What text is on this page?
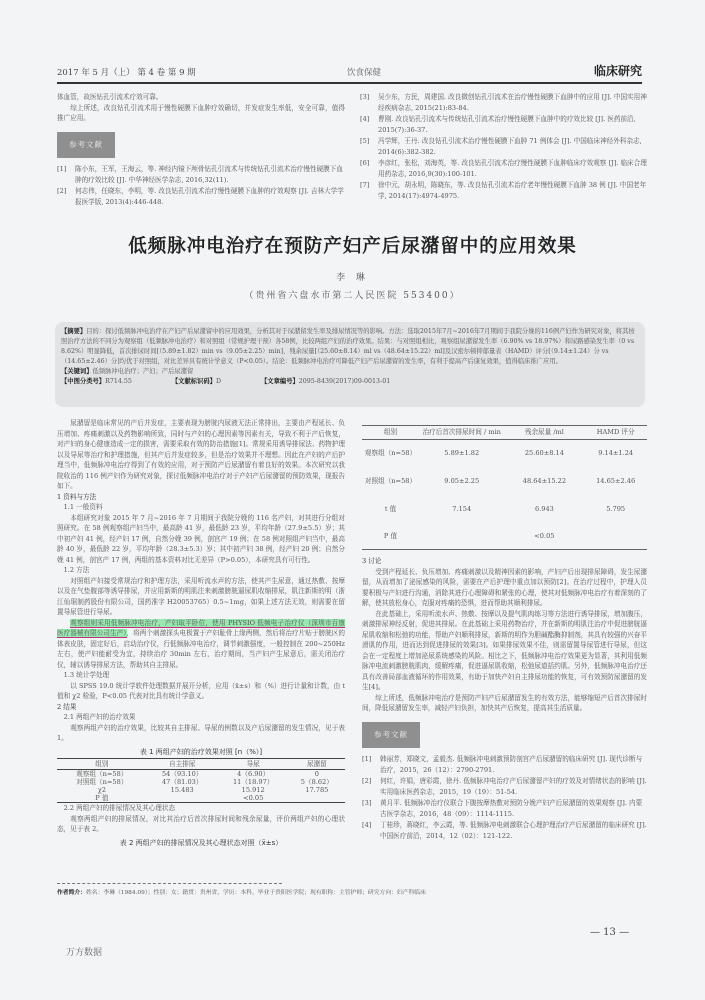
2017 年 5 月（上） 第 4 卷 第 9 期	饮食保健	临床研究

体血管，故医钻孔引流术疗效可靠。

综上所述，改良钻孔引流术用于慢性硬膜下血肿疗效确切，并发症发生率低，安全可靠，值得推广应用。

参考文献
[1]	陈小东，王军，王海云，等. 神经内镜下颅骨钻孔引流术与传统钻孔引流术治疗慢性硬膜下血肿的疗效比较 [J]. 中华神经医学杂志, 2016,32(11).
[2]	何志伟，任晓东，李明，等. 改良钻孔引流术治疗慢性硬膜下血肿的疗效观察 [J]. 吉林大学学报医学版, 2013(4):446-448.
[3]	吴少东，方民，周建国. 改良微创钻孔引流术在治疗慢性硬膜下血肿中的应用 [J]. 中国实用神经疾病杂志, 2015(21):83-84.
[4]	曹刚. 改良钻孔引流术与传统钻孔引流术治疗慢性硬膜下血肿中的疗效比较 [J]. 医药前沿, 2015(7):36-37.
[5]	冯学辉，王丹. 改良钻孔引流术治疗慢性硬膜下血肿 71 例体会 [J]. 中国临床神经外科杂志, 2014(6):382-382.
[6]	李彦红，张松，刘海英，等. 改良钻孔引流术治疗慢性硬膜下血肿临床疗效观察 [J]. 临床合理用药杂志, 2016,9(30):100-101.
[7]	徐中元，胡永明，陈晓东，等. 改良钻孔引流术治疗老年慢性硬膜下血肿 38 例 [J]. 中国老年学, 2014(17):4974-4975.
低频脉冲电治疗在预防产妇产后尿潴留中的应用效果
李 琳
（贵州省六盘水市第二人民医院 553400）
【摘要】目的：探讨低频脉冲电治疗在产妇产后尿潴留中的应用效果，分析其对于尿潴留发生率及排尿情况等的影响。方法：选取2015年7月~2016年7月期间于我院分娩的116例产妇作为研究对象，将其按照治疗方法的不同分为观察组（低频脉冲电治疗）和对照组（常规护理干预）各58例，比较两组产妇的治疗效果。结果：与对照组相比，观察组尿潴留发生率（6.90% vs 18.97%）和尿路感染发生率（0 vs 8.62%）明显降低，首次排尿时间[（5.89±1.82）min vs（9.05±2.25）min]、残余尿量[（25.60±8.14）ml vs（48.64±15.22）ml]及汉密尔顿抑郁量表（HAMD）评分[（9.14±1.24）分 vs（14.65±2.46）分]均优于对照组，对比差异具有统计学意义（P<0.05）。结论：低频脉冲电治疗可降低产妇产后尿潴留的发生率，有利于提高产后康复效果，值得临床推广应用。
【关键词】低频脉冲电治疗；产妇；产后尿潴留
【中图分类号】R714.55	【文献标识码】D	【文章编号】2095-8439(2017)09-0013-01

尿潴留是临床常见的产后并发症，主要表现为膀胱内尿液无法正常排出，主要由产程延长、负压增加、疼痛刺激以及药物影响所致，同时与产妇的心理因素等因素有关，导致不利于产后恢复，对产妇的身心健康造成一定的损害，需要采取有效的防治措施[1]。常规采用诱导排尿法、药物护理以及导尿等治疗和护理措施，但其产后并发症较多，但是治疗效果并不理想。因此在产妇的产后护理当中，低频脉冲电治疗得到了有效的应用，对于预防产后尿潴留有着良好的效果。本次研究以我院收治的 116 例产妇作为研究对象，探讨低频脉冲电治疗对于产妇产后尿潴留的预防效果，现报告如下。

1 资料与方法

1.1 一般资料

本组研究对象 2015 年 7 月~2016 年 7 月期间于我院分娩的 116 名产妇，对其进行分组对照研究。在 58 例观察组产妇当中，最高龄 41 岁，最低龄 23 岁，平均年龄（27.9±5.5）岁；其中初产妇 41 例，经产妇 17 例，自然分娩 39 例，剖宫产 19 例；在 58 例对照组产妇当中，最高龄 40 岁，最低龄 22 岁，平均年龄（28.3±5.3）岁；其中初产妇 38 例，经产妇 20 例；自然分娩 41 例，剖宫产 17 例，两组的基本资料对比无差异（P>0.05），本研究具有可行性。

1.2 方法

对照组产妇接受常规治疗和护理方法，采用听流水声的方法，使其产生尿意，通过热敷、按摩以及在气垫腹部等诱导排尿，并应用新斯的明肌注来刺激膀胱逼尿肌收缩排尿，肌注新斯的明（浙江仙琚制药股份有限公司，国药准字 H20053765）0.5~1mg，如果上述方法无效，则需要在留置导尿管进行导尿。

观察组则采用低频脉冲电治疗，产妇取平卧位，使用 PHYSIO 低频电子治疗仪（深圳市百康医疗器械有限公司生产），将两个刺激探头电极置于产妇耻骨上缘两侧，然后将治疗片贴于膀胱区的体表皮肤，固定好后，启动治疗仪，行低频脉冲电治疗，调节刺激强度，一般控制在 200~250Hz 左右，使产妇能耐受为宜，持续治疗 30min 左右，治疗期间，当产妇产生尿意后，需关闭治疗仪，辅以诱导排尿方法，帮助其自主排尿。

1.3 统计学处理

以 SPSS 19.0 统计学软件处理数据并展开分析，应用（x̄±s）和（%）进行计量和计数，由 t 值和 χ2 检验，P<0.05 代表对比具有统计学意义。

2 结果

2.1 两组产妇的治疗效果

观察两组产妇的治疗效果，比较其自主排尿、导尿的例数以及产后尿潴留的发生情况，见于表 1。

表 1 两组产妇的治疗效果对照 [n（%）]
组别	自主排尿	导尿	尿潴留
观察组（n=58）	54（93.10）	4（6.90）	0
对照组（n=58）	47（81.03）	11（18.97）	5（8.62）
χ2	15.483	15.912	17.785
P 值		<0.05	

2.2 两组产妇的排尿情况及其心理状态

观察两组产妇的排尿情况，对比其治疗后首次排尿时间和残余尿量，评价两组产妇的心理状态，见于表 2。

表 2 两组产妇的排尿情况及其心理状态对照（x̄±s）
组别	治疗后首次排尿时间 / min	残余尿量 /ml	HAMD 评分
观察组（n=58）	5.89±1.82	25.60±8.14	9.14±1.24
对照组（n=58）	9.05±2.25	48.64±15.22	14.65±2.46
t 值	7.154	6.943	5.795
P 值		<0.05	

3 讨论

受到产程延长、负压增加、疼痛刺激以及精神因素的影响，产妇产后出现排尿障碍，发生尿潴留，从而增加了泌尿感染的风险，需要在产后护理中重点加以预防[2]。在治疗过程中，护理人员要积极与产妇进行沟通，消除其进行心理障碍和紧张的心理，使其对低频脉冲电治疗有着深刻的了解，使其放松身心，克服对疼痛的恐惧，进而帮助其顺利排尿。

在此基础上，采用听流水声、热敷、按摩以及提气肌肉练习等方法进行诱导排尿，增加腹压，刺激排尿神经反射，促进其排尿。在此基础上采用药物治疗，并在新斯的明肌注治疗中促进膀胱逼尿肌收缩和松弛的功能，帮助产妇顺利排尿，新斯的明作为胆碱酯酶抑制剂，其具有较强的兴奋平滑肌的作用，进而达到促进排尿的效果[3]。如果排尿效果不佳，则需留置导尿管进行导尿，但这会在一定程度上增加泌尿系统感染的风险。相比之下，低频脉冲电治疗效果更为显著，其利用低频脉冲电流刺激膀胱肌肉，缓解疼痛，促进逼尿肌收缩，松弛尿道括约肌。另外，低频脉冲电治疗还具有改善局部血液循环的作用效果，有助于加快产妇自主排尿功能的恢复，可有效预防尿潴留的发生[4]。

综上所述，低频脉冲电治疗是预防产妇产后尿潴留发生的有效方法，能够缩短产后首次排尿时间，降低尿潴留发生率，减轻产妇负担，加快其产后恢复，提高其生活质量。

参考文献
[1]	韩丽芳，郑晓文，孟毅杰. 低频脉冲电刺激预防剖宫产后尿潴留的临床研究 [J]. 现代诊断与治疗，2015，26（12）：2790-2791.
[2]	何红，许娟，唐彩霞，徐丹. 低频脉冲电治疗产后尿潴留产妇的疗效及对情绪状态的影响 [J]. 实用临床医药杂志，2015，19（19）：51-54.
[3]	黄月平. 低频脉冲治疗仪联合下腹按摩热敷对预防分娩产妇产后尿潴留的效果观察 [J]. 内蒙古医学杂志，2016，48（09）：1114-1115.
[4]	丁桂珍，蒋晓红，李云霞，等. 低频脉冲电刺激联合心理护理治疗产后尿潴留的临床研究 [J]. 中国医疗前沿，2014，12（02）：121-122.
作者简介：姓名：李琳（1984.09）；性别：女；籍贯：贵州省，学历：本科，毕业于贵阳医学院；现有职称：主管护师；研究方向：妇产科临床
— 13 —
万方数据
